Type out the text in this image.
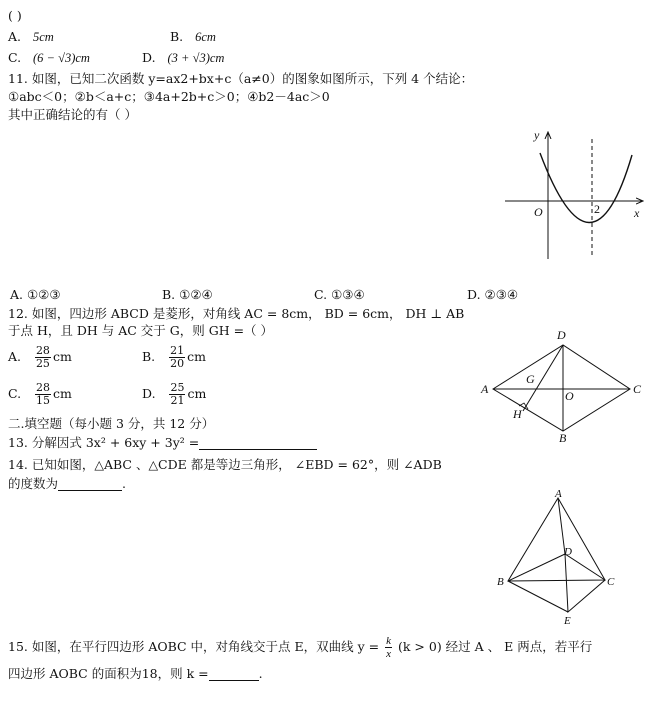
( )
A. 5cm	B. 6cm
C. (6 − √3)cm	D. (3 + √3)cm
11. 如图，已知二次函数 y=ax2+bx+c（a≠0）的图象如图所示，下列 4 个结论：
①abc＜0；②b＜a+c；③4a+2b+c＞0；④b2－4ac＞0
其中正确结论的有（ ）
y
x
O	2
A. ①②③	B. ①②④	C. ①③④	D. ②③④
12. 如图，四边形 ABCD 是菱形，对角线 AC = 8cm， BD = 6cm， DH ⊥ AB
于点 H，且 DH 与 AC 交于 G，则 GH =（ ）
A. $\frac{28}{25}$ cm	B. $\frac{21}{20}$ cm
C. $\frac{28}{15}$ cm	D. $\frac{25}{21}$ cm	A
D
C
B
G
O
H
二.填空题（每小题 3 分，共 12 分）
13. 分解因式 3x² + 6xy + 3y² =
14. 已知如图，△ABC 、△CDE 都是等边三角形， ∠EBD = 62°，则 ∠ADB
的度数为	.
A
B	C
D
E
15. 如图，在平行四边形 AOBC 中，对角线交于点 E，双曲线 $y = \frac{k}{x} (k > 0)$ 经过 A 、 E 两点，若平行
四边形 AOBC 的面积为18，则 k =	.
